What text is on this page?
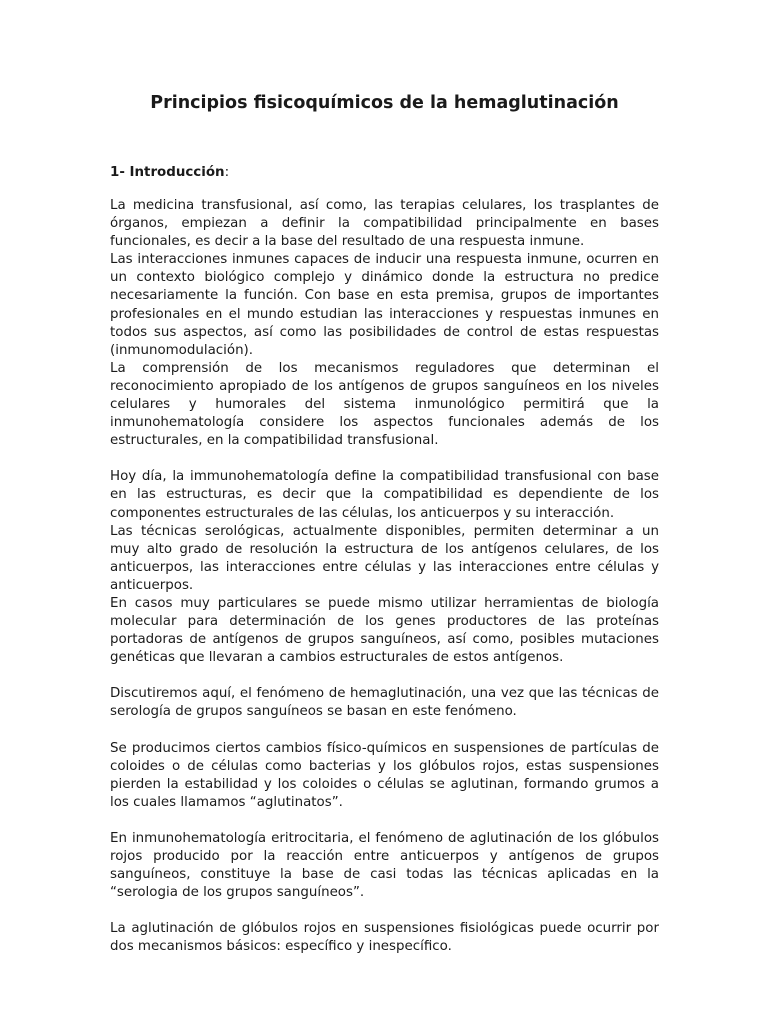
Principios fisicoquímicos de la hemaglutinación
1- Introducción:

La medicina transfusional, así como, las terapias celulares, los trasplantes de órganos, empiezan a definir la compatibilidad principalmente en bases funcionales, es decir a la base del resultado de una respuesta inmune.

Las interacciones inmunes capaces de inducir una respuesta inmune, ocurren en un contexto biológico complejo y dinámico donde la estructura no predice necesariamente la función. Con base en esta premisa, grupos de importantes profesionales en el mundo estudian las interacciones y respuestas inmunes en todos sus aspectos, así como las posibilidades de control de estas respuestas (inmunomodulación).

La comprensión de los mecanismos reguladores que determinan el reconocimiento apropiado de los antígenos de grupos sanguíneos en los niveles celulares y humorales del sistema inmunológico permitirá que la inmunohematología considere los aspectos funcionales además de los estructurales, en la compatibilidad transfusional.

Hoy día, la immunohematología define la compatibilidad transfusional con base en las estructuras, es decir que la compatibilidad es dependiente de los componentes estructurales de las células, los anticuerpos y su interacción.

Las técnicas serológicas, actualmente disponibles, permiten determinar a un muy alto grado de resolución la estructura de los antígenos celulares, de los anticuerpos, las interacciones entre células y las interacciones entre células y anticuerpos.

En casos muy particulares se puede mismo utilizar herramientas de biología molecular para determinación de los genes productores de las proteínas portadoras de antígenos de grupos sanguíneos, así como, posibles mutaciones genéticas que llevaran a cambios estructurales de estos antígenos.

Discutiremos aquí, el fenómeno de hemaglutinación, una vez que las técnicas de serología de grupos sanguíneos se basan en este fenómeno.

Se producimos ciertos cambios físico-químicos en suspensiones de partículas de coloides o de células como bacterias y los glóbulos rojos, estas suspensiones pierden la estabilidad y los coloides o células se aglutinan, formando grumos a los cuales llamamos “aglutinatos”.

En inmunohematología eritrocitaria, el fenómeno de aglutinación de los glóbulos rojos producido por la reacción entre anticuerpos y antígenos de grupos sanguíneos, constituye la base de casi todas las técnicas aplicadas en la “serologia de los grupos sanguíneos”.

La aglutinación de glóbulos rojos en suspensiones fisiológicas puede ocurrir por dos mecanismos básicos: específico y inespecífico.
